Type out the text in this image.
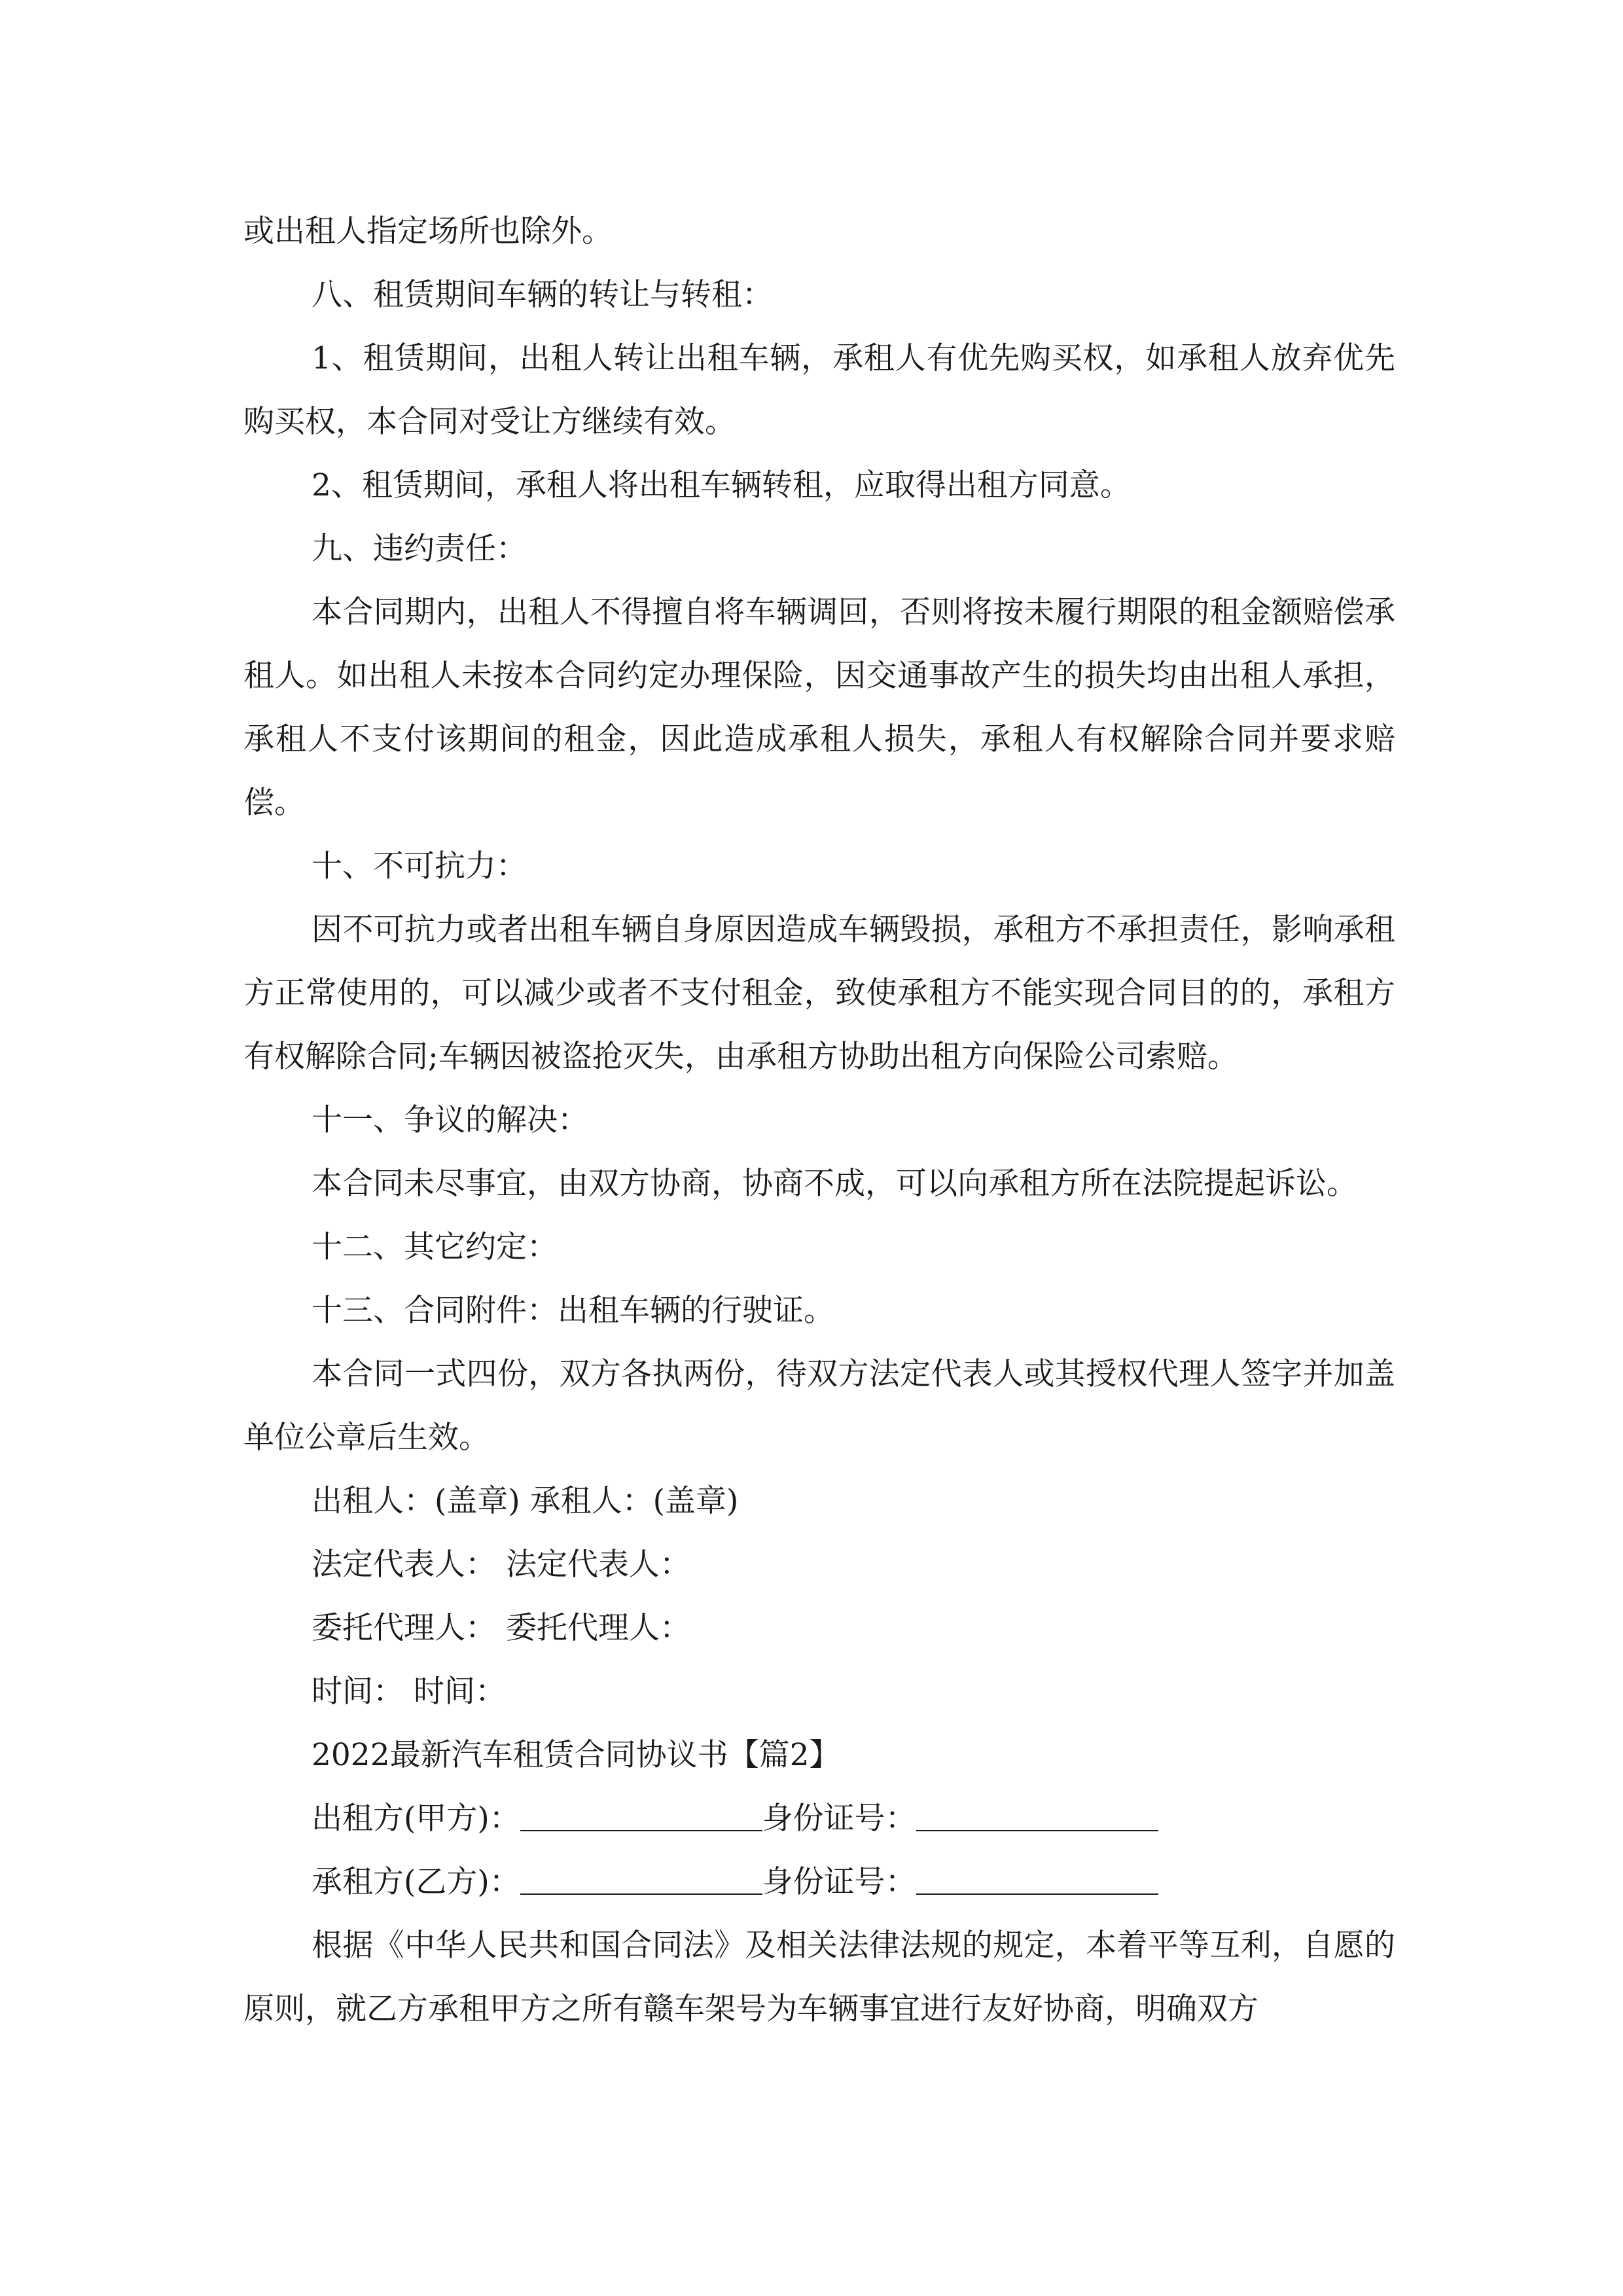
或出租人指定场所也除外。

八、租赁期间车辆的转让与转租：

1、租赁期间，出租人转让出租车辆，承租人有优先购买权，如承租人放弃优先购买权，本合同对受让方继续有效。

2、租赁期间，承租人将出租车辆转租，应取得出租方同意。

九、违约责任：

本合同期内，出租人不得擅自将车辆调回，否则将按未履行期限的租金额赔偿承租人。如出租人未按本合同约定办理保险，因交通事故产生的损失均由出租人承担，承租人不支付该期间的租金，因此造成承租人损失，承租人有权解除合同并要求赔偿。

十、不可抗力：

因不可抗力或者出租车辆自身原因造成车辆毁损，承租方不承担责任，影响承租方正常使用的，可以减少或者不支付租金，致使承租方不能实现合同目的的，承租方有权解除合同;车辆因被盗抢灭失，由承租方协助出租方向保险公司索赔。

十一、争议的解决：

本合同未尽事宜，由双方协商，协商不成，可以向承租方所在法院提起诉讼。

十二、其它约定：

十三、合同附件：出租车辆的行驶证。

本合同一式四份，双方各执两份，待双方法定代表人或其授权代理人签字并加盖单位公章后生效。

出租人：(盖章) 承租人：(盖章)

法定代表人： 法定代表人：

委托代理人： 委托代理人：

时间： 时间：

2022最新汽车租赁合同协议书【篇2】

出租方(甲方)：	身份证号：

承租方(乙方)：	身份证号：

根据《中华人民共和国合同法》及相关法律法规的规定，本着平等互利，自愿的原则，就乙方承租甲方之所有赣车架号为车辆事宜进行友好协商，明确双方
